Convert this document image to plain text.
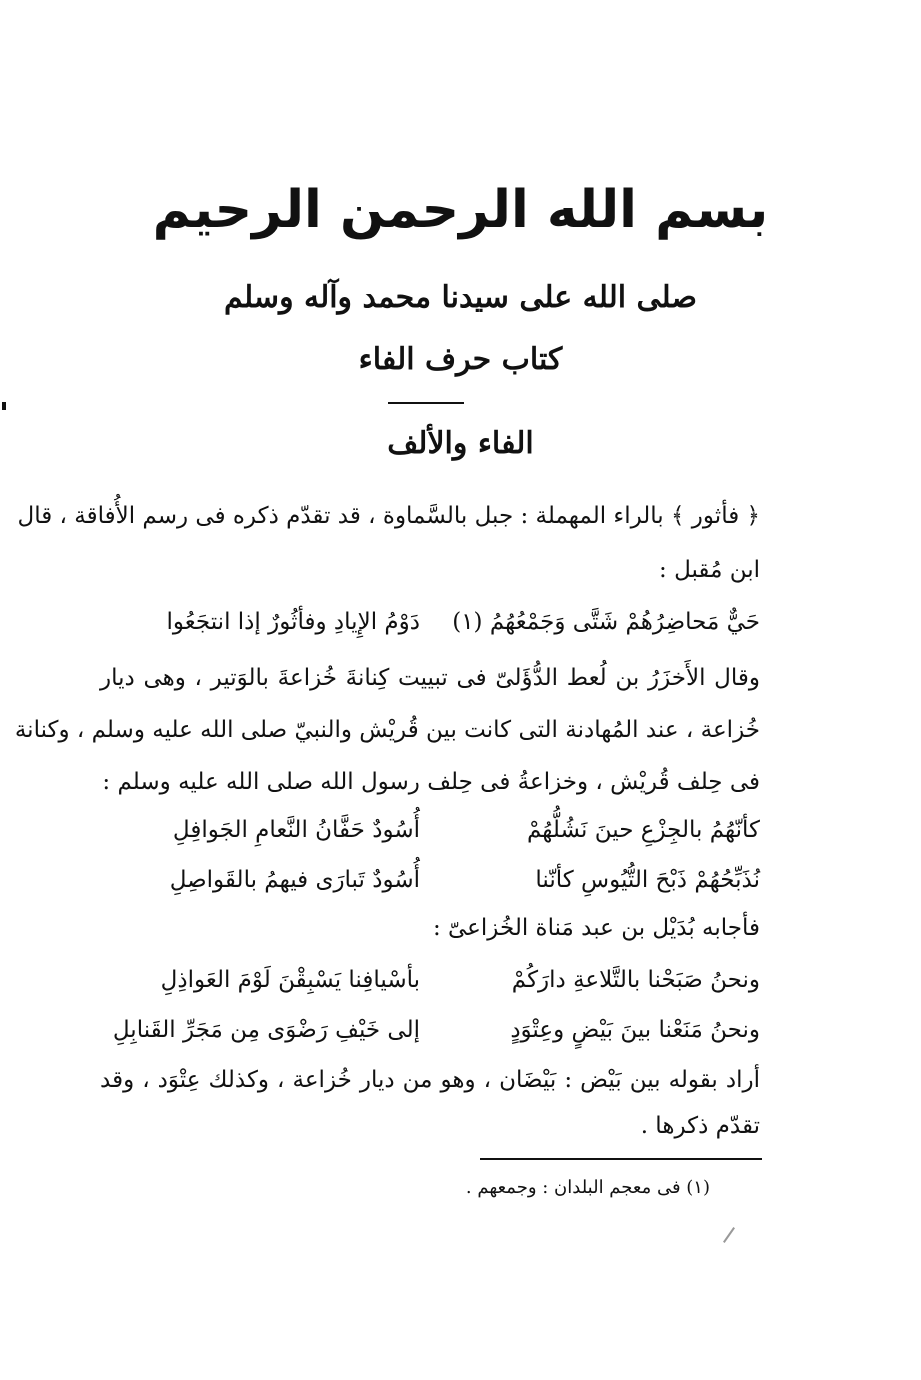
بسم الله الرحمن الرحيم
صلى الله على سيدنا محمد وآله وسلم
كتاب حرف الفاء
الفاء والألف
﴿ فأثور ﴾ بالراء المهملة : جبل بالسَّماوة ، قد تقدّم ذكره فى رسم الأُفاقة ، قال
ابن مُقبل :
حَيٌّ مَحاضِرُهُمْ شَتَّى وَجَمْعُهُمُ (١)
دَوْمُ الإِيادِ وفأثُورٌ إذا انتجَعُوا
وقال الأَخزَرُ بن لُعط الدُّؤَلىّ فى تبييت كِنانةَ خُزاعةَ بالوَتير ، وهى ديار
خُزاعة ، عند المُهادنة التى كانت بين قُريْش والنبيّ صلى الله عليه وسلم ، وكنانة
فى حِلف قُريْش ، وخزاعةُ فى حِلف رسول الله صلى الله عليه وسلم :
كأنّهُمُ بالجِزْعِ حينَ نَشُلُّهُمْ
أُسُودٌ حَفَّانُ النَّعامِ الجَوافِلِ
نُذَبِّحُهُمْ ذَبْحَ التُّيُوسِ كأنّنا
أُسُودٌ تَبارَى فيهمُ بالقَواصِلِ
فأجابه بُدَيْل بن عبد مَناة الخُزاعىّ :
ونحنُ صَبَحْنا بالتَّلاعةِ دارَكُمْ
بأسْيافِنا يَسْبِقْنَ لَوْمَ العَواذِلِ
ونحنُ مَنَعْنا بينَ بَيْضٍ وعِتْوَدٍ
إلى خَيْفِ رَضْوَى مِن مَجَرِّ القَنابِلِ
أراد بقوله بين بَيْض : بَيْضَان ، وهو من ديار خُزاعة ، وكذلك عِتْوَد ، وقد
تقدّم ذكرها .
(١) فى معجم البلدان : وجمعهم .
